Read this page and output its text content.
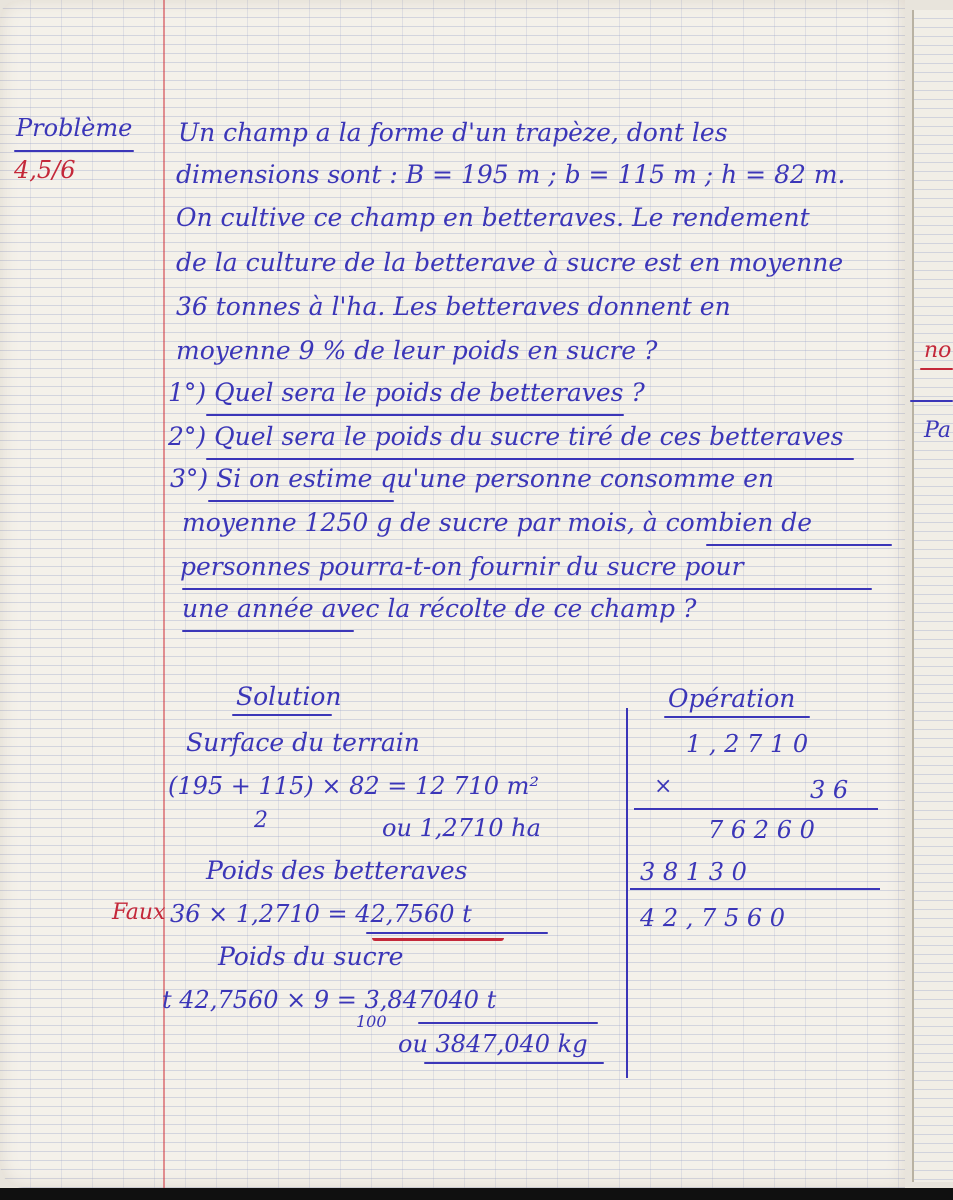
no
Pa
Problème
4,5/6
Un champ a la forme d'un trapèze, dont les
dimensions sont : B = 195 m ; b = 115 m ; h = 82 m.
On cultive ce champ en betteraves. Le rendement
de la culture de la betterave à sucre est en moyenne
36 tonnes à l'ha. Les betteraves donnent en
moyenne 9 % de leur poids en sucre ?
1°) Quel sera le poids de betteraves ?
2°) Quel sera le poids du sucre tiré de ces betteraves
3°) Si on estime qu'une personne consomme en
moyenne 1250 g de sucre par mois, à combien de
personnes pourra-t-on fournir du sucre pour
une année avec la récolte de ce champ ?
Solution
Surface du terrain
(195 + 115) × 82 = 12 710 m²
2	ou 1,2710 ha
Poids des betteraves
Faux 36 × 1,2710 = 42,7560 t
Poids du sucre
t 42,7560 × 9 = 3,847040 t
100
ou 3847,040 kg
Opération
1 , 2 7 1 0
×	3 6
7 6 2 6 0
3 8 1 3 0
4 2 , 7 5 6 0
